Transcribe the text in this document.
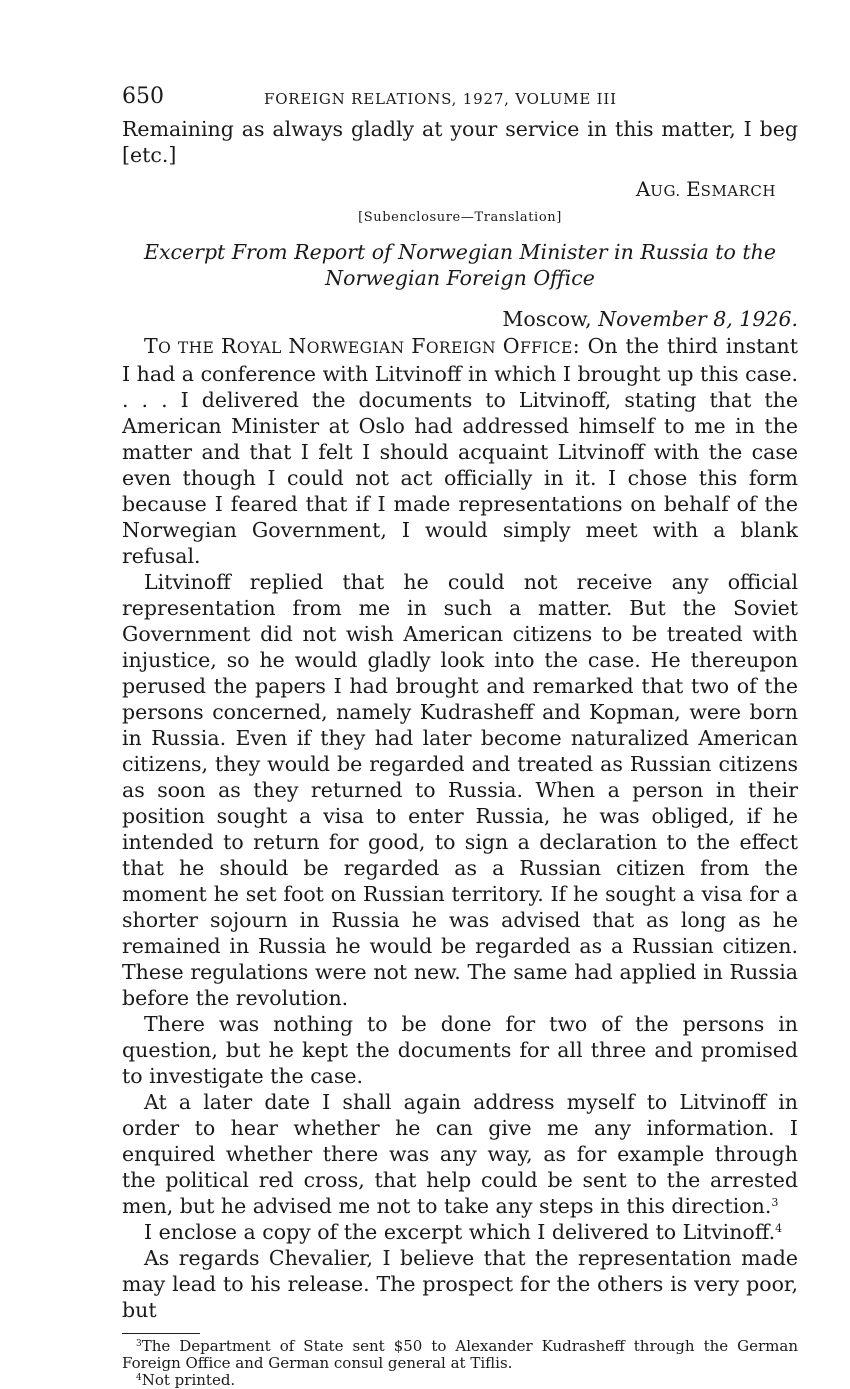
650	FOREIGN RELATIONS, 1927, VOLUME III

Remaining as always gladly at your service in this matter, I beg [etc.]

AUG. ESMARCH
[Subenclosure—Translation]
Excerpt From Report of Norwegian Minister in Russia to the Norwegian Foreign Office
Moscow, November 8, 1926.

TO THE ROYAL NORWEGIAN FOREIGN OFFICE: On the third instant I had a conference with Litvinoff in which I brought up this case. . . . I delivered the documents to Litvinoff, stating that the American Minister at Oslo had addressed himself to me in the matter and that I felt I should acquaint Litvinoff with the case even though I could not act officially in it. I chose this form because I feared that if I made representations on behalf of the Norwegian Government, I would simply meet with a blank refusal.

Litvinoff replied that he could not receive any official representation from me in such a matter. But the Soviet Government did not wish American citizens to be treated with injustice, so he would gladly look into the case. He thereupon perused the papers I had brought and remarked that two of the persons concerned, namely Kudrasheff and Kopman, were born in Russia. Even if they had later become naturalized American citizens, they would be regarded and treated as Russian citizens as soon as they returned to Russia. When a person in their position sought a visa to enter Russia, he was obliged, if he intended to return for good, to sign a declaration to the effect that he should be regarded as a Russian citizen from the moment he set foot on Russian territory. If he sought a visa for a shorter sojourn in Russia he was advised that as long as he remained in Russia he would be regarded as a Russian citizen. These regulations were not new. The same had applied in Russia before the revolution.

There was nothing to be done for two of the persons in question, but he kept the documents for all three and promised to investigate the case.

At a later date I shall again address myself to Litvinoff in order to hear whether he can give me any information. I enquired whether there was any way, as for example through the political red cross, that help could be sent to the arrested men, but he advised me not to take any steps in this direction.$^3$

I enclose a copy of the excerpt which I delivered to Litvinoff.$^4$

As regards Chevalier, I believe that the representation made may lead to his release. The prospect for the others is very poor, but

$^3$The Department of State sent $50 to Alexander Kudrasheff through the German Foreign Office and German consul general at Tiflis.

$^4$Not printed.
